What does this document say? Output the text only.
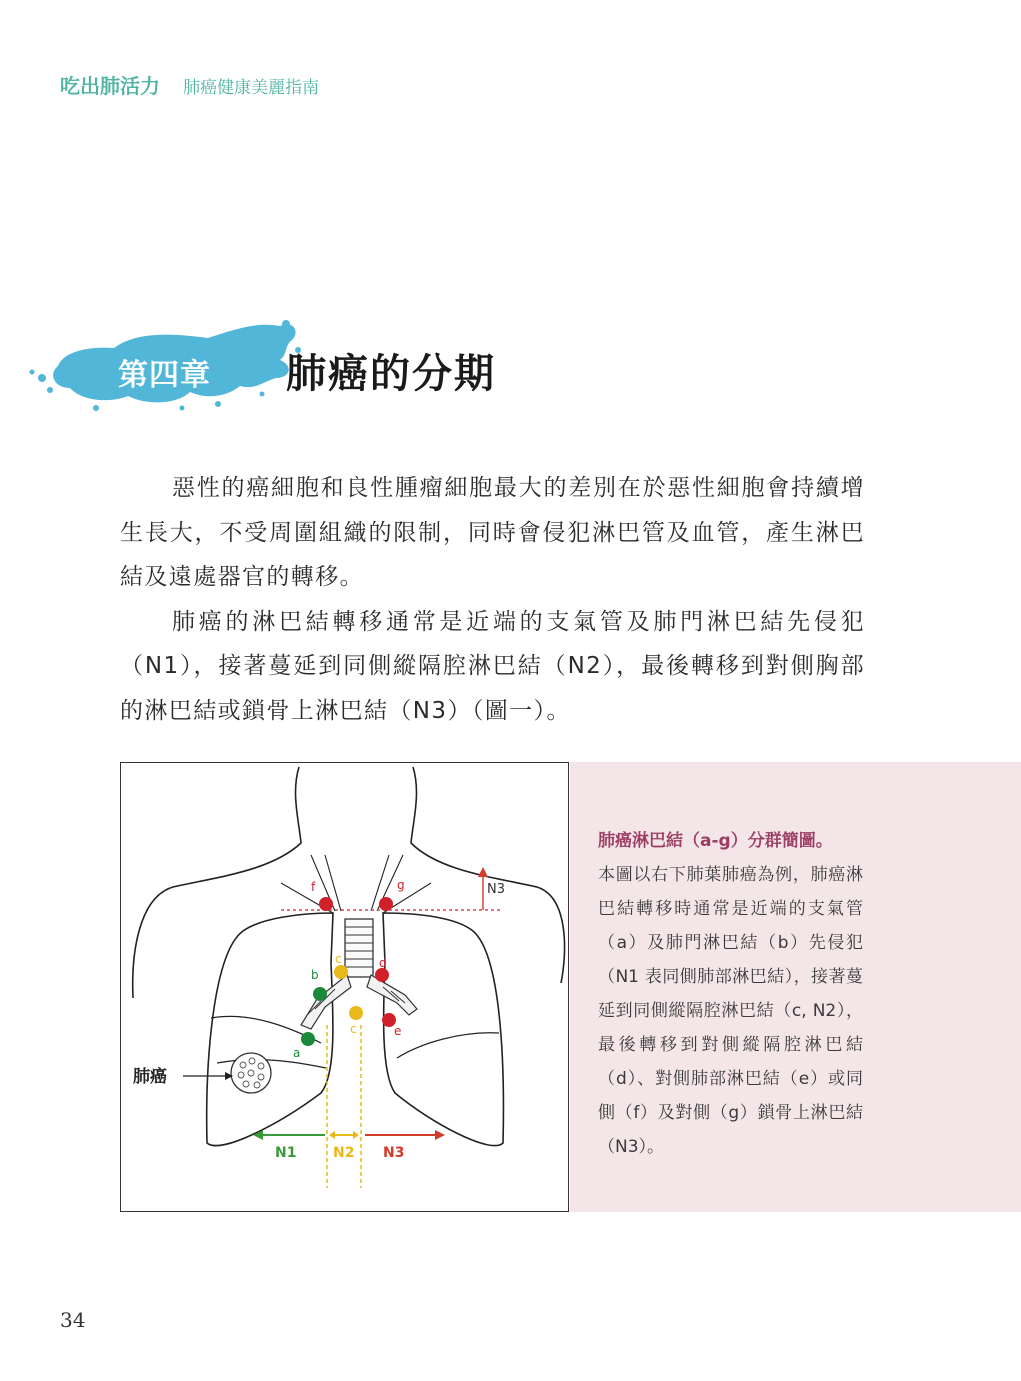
吃出肺活力 肺癌健康美麗指南
第四章 肺癌的分期

惡性的癌細胞和良性腫瘤細胞最大的差別在於惡性細胞會持續增生長大，不受周圍組織的限制，同時會侵犯淋巴管及血管，產生淋巴結及遠處器官的轉移。

肺癌的淋巴結轉移通常是近端的支氣管及肺門淋巴結先侵犯（N1），接著蔓延到同側縱隔腔淋巴結（N2），最後轉移到對側胸部的淋巴結或鎖骨上淋巴結（N3）（圖一）。

N3
f	g
c	d
b
c	e
a
肺癌
N1	N2 N3
肺癌淋巴結（a-g）分群簡圖。
本圖以右下肺葉肺癌為例，肺癌淋巴結轉移時通常是近端的支氣管（a）及肺門淋巴結（b）先侵犯（N1 表同側肺部淋巴結），接著蔓延到同側縱隔腔淋巴結（c, N2），最後轉移到對側縱隔腔淋巴結（d）、對側肺部淋巴結（e）或同側（f）及對側（g）鎖骨上淋巴結（N3）。
34
